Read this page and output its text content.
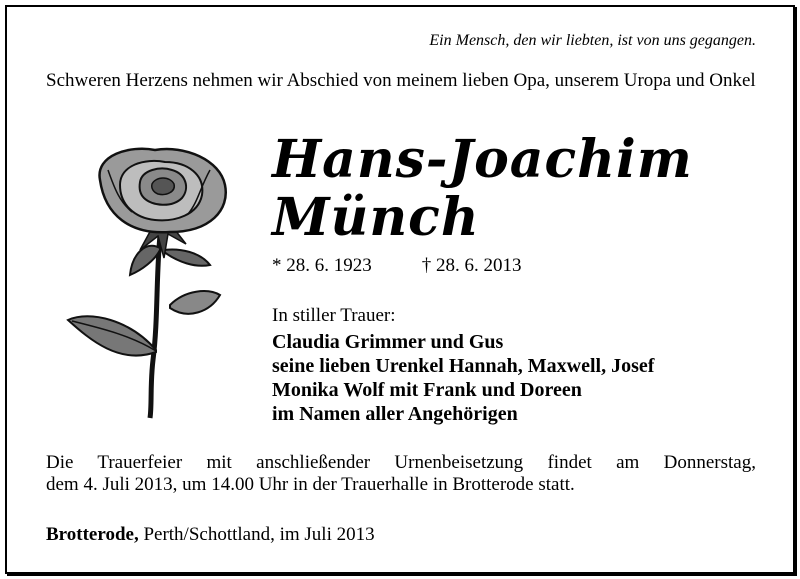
Ein Mensch, den wir liebten, ist von uns gegangen.
Schweren Herzens nehmen wir Abschied von meinem lieben Opa, unserem Uropa und Onkel
Hans-Joachim
Münch
* 28. 6. 1923	† 28. 6. 2013
In stiller Trauer:
Claudia Grimmer und Gus
seine lieben Urenkel Hannah, Maxwell, Josef
Monika Wolf mit Frank und Doreen
im Namen aller Angehörigen
Die Trauerfeier mit anschließender Urnenbeisetzung findet am Donnerstag,
dem 4. Juli 2013, um 14.00 Uhr in der Trauerhalle in Brotterode statt.
Brotterode, Perth/Schottland, im Juli 2013
